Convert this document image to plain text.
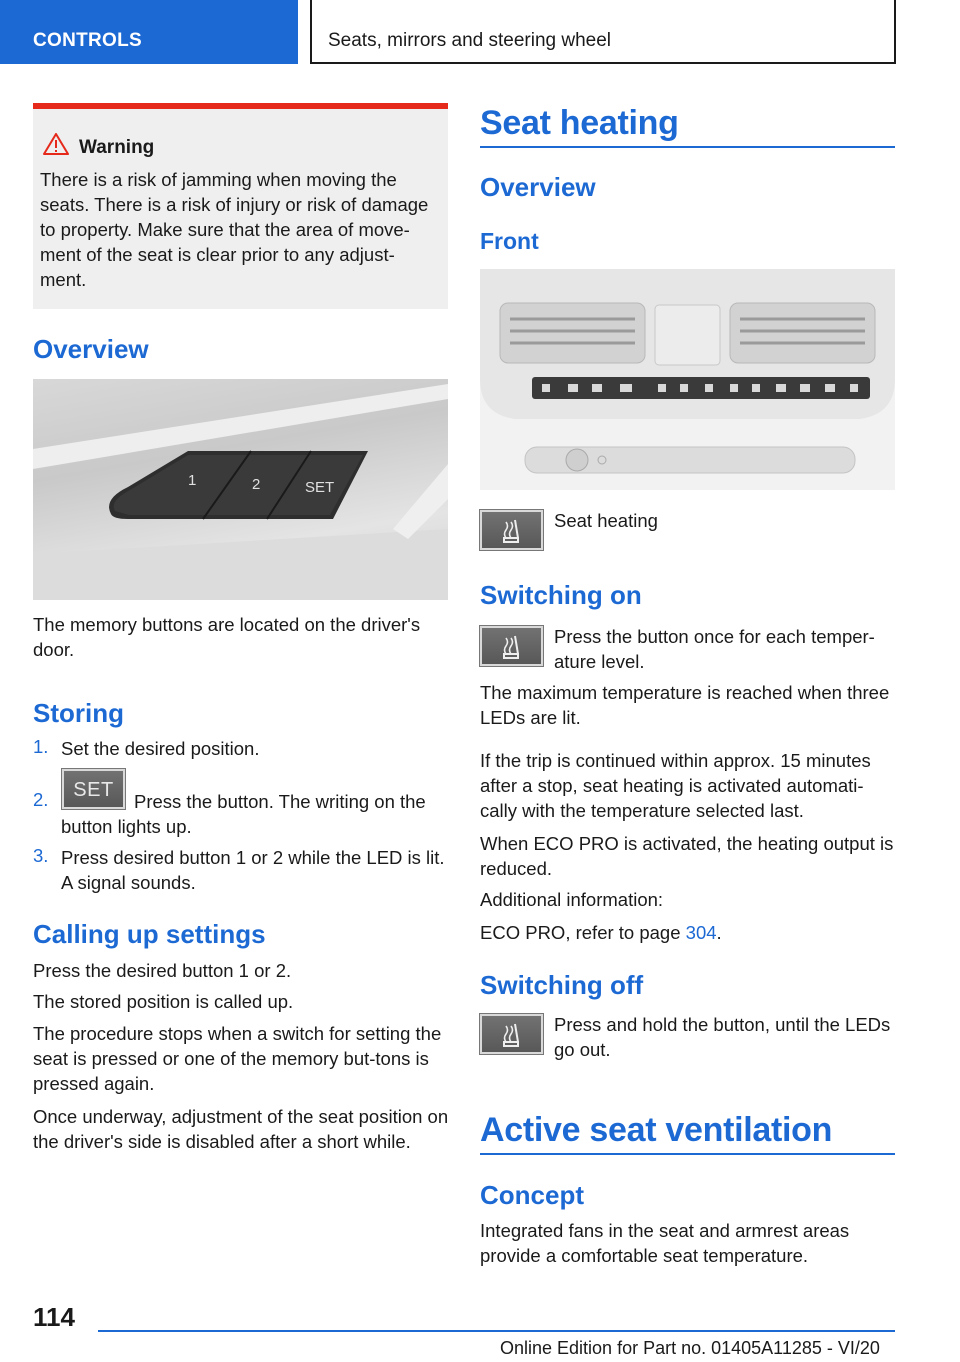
CONTROLS	Seats, mirrors and steering wheel
Warning

There is a risk of jamming when moving the seats. There is a risk of injury or risk of damage to property. Make sure that the area of move-ment of the seat is clear prior to any adjust-ment.

Overview
1	2	SET

The memory buttons are located on the driver's door.

Storing
1. Set the desired position.

2.	SET

Press the button. The writing on the button lights up.

3. Press desired button 1 or 2 while the LED is lit. A signal sounds.

Calling up settings

Press the desired button 1 or 2.

The stored position is called up.

The procedure stops when a switch for setting the seat is pressed or one of the memory but-tons is pressed again.

Once underway, adjustment of the seat position on the driver's side is disabled after a short while.

Seat heating
Overview
Front

Seat heating

Switching on

Press the button once for each temper-ature level.

The maximum temperature is reached when three LEDs are lit.

If the trip is continued within approx. 15 minutes after a stop, seat heating is activated automati-cally with the temperature selected last.

When ECO PRO is activated, the heating output is reduced.

Additional information:

ECO PRO, refer to page 304.

Switching off

Press and hold the button, until the LEDs go out.

Active seat ventilation
Concept

Integrated fans in the seat and armrest areas provide a comfortable seat temperature.

114
Online Edition for Part no. 01405A11285 - VI/20
